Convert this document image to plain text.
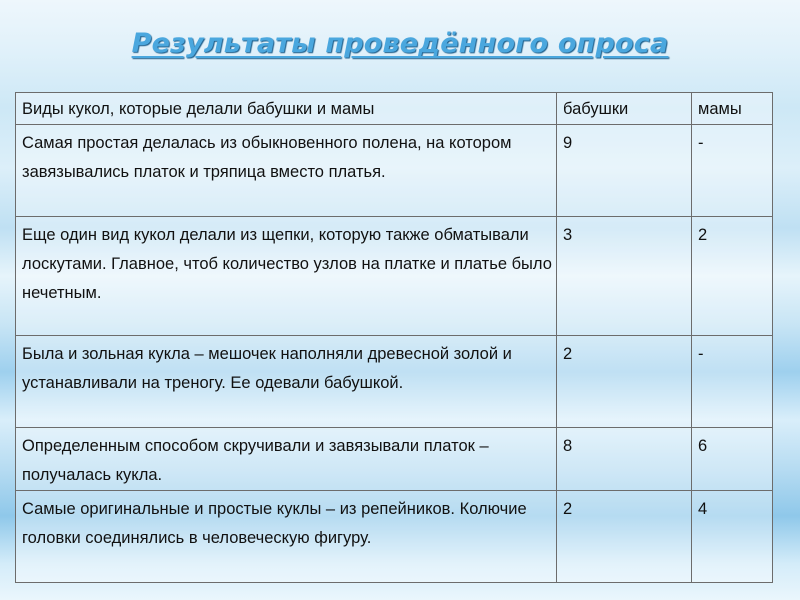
Результаты проведённого опроса
Виды кукол, которые делали бабушки и мамы	бабушки	мамы
Самая простая делалась из обыкновенного полена, на котором завязывались платок и тряпица вместо платья.	9	-
Еще один вид кукол делали из щепки, которую также обматывали лоскутами. Главное, чтоб количество узлов на платке и платье было нечетным.	3	2
Была и зольная кукла – мешочек наполняли древесной золой и устанавливали на треногу. Ее одевали бабушкой.	2	-
Определенным способом скручивали и завязывали платок – получалась кукла.	8	6
Самые оригинальные и простые куклы – из репейников. Колючие головки соединялись в человеческую фигуру.	2	4
